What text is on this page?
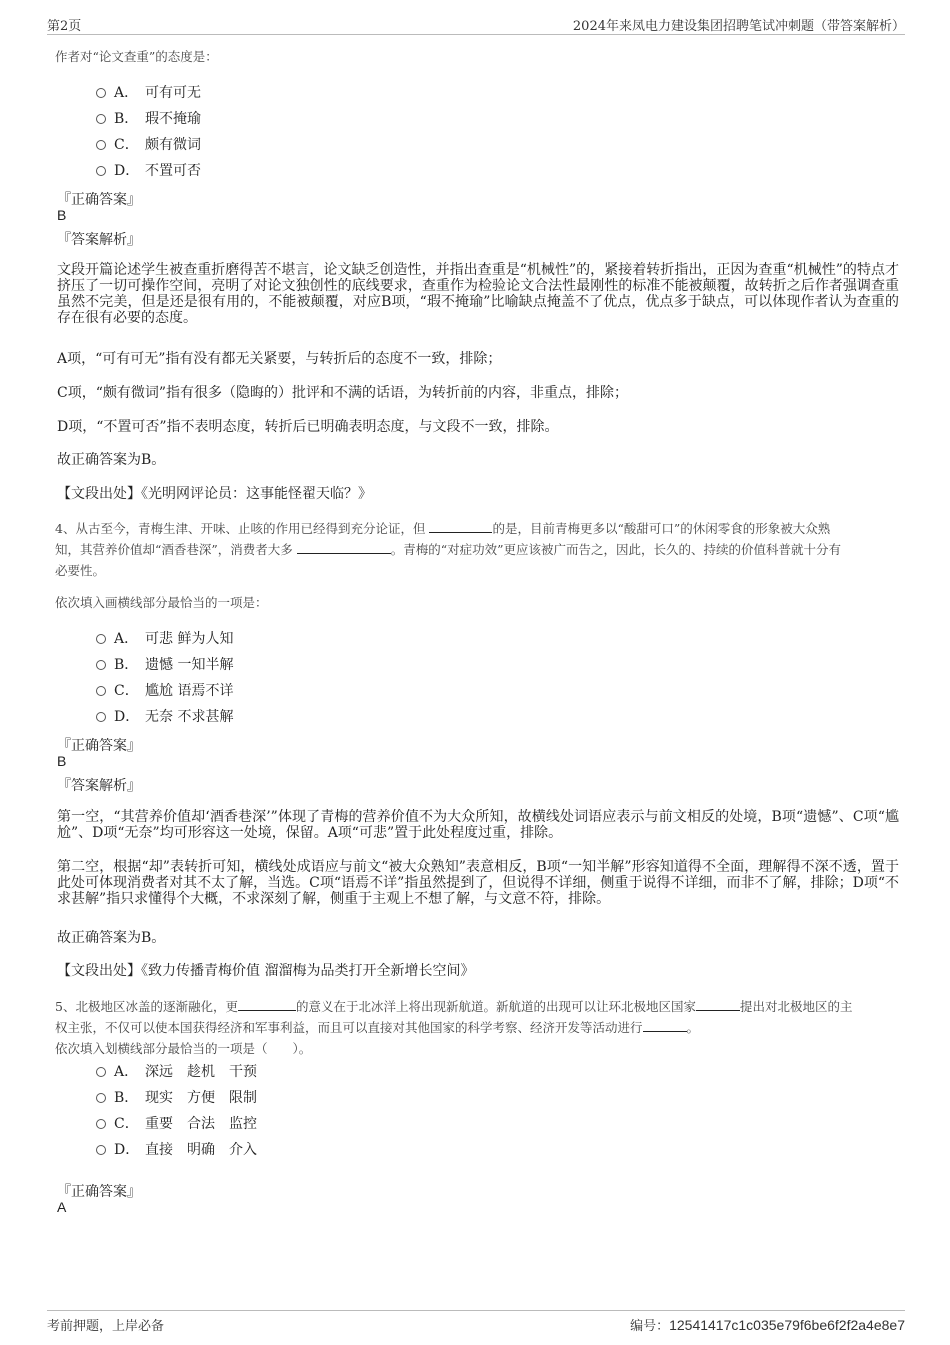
第2页	2024年来凤电力建设集团招聘笔试冲刺题（带答案解析）
作者对“论文查重”的态度是：
A． 可有可无
B． 瑕不掩瑜
C． 颇有微词
D． 不置可否
『正确答案』
B
『答案解析』
文段开篇论述学生被查重折磨得苦不堪言，论文缺乏创造性，并指出查重是“机械性”的，紧接着转折指出，正因为查重“机械性”的特点才挤压了一切可操作空间，亮明了对论文独创性的底线要求，查重作为检验论文合法性最刚性的标准不能被颠覆，故转折之后作者强调查重虽然不完美，但是还是很有用的，不能被颠覆，对应B项，“瑕不掩瑜”比喻缺点掩盖不了优点，优点多于缺点，可以体现作者认为查重的存在很有必要的态度。
A项，“可有可无”指有没有都无关紧要，与转折后的态度不一致，排除；
C项，“颇有微词”指有很多（隐晦的）批评和不满的话语，为转折前的内容，非重点，排除；
D项，“不置可否”指不表明态度，转折后已明确表明态度，与文段不一致，排除。
故正确答案为B。
【文段出处】《光明网评论员：这事能怪翟天临？》
4、从古至今，青梅生津、开味、止咳的作用已经得到充分论证，但	的是，目前青梅更多以“酸甜可口”的休闲零食的形象被大众熟
知，其营养价值却“酒香巷深”，消费者大多	。青梅的“对症功效”更应该被广而告之，因此，长久的、持续的价值科普就十分有
必要性。
依次填入画横线部分最恰当的一项是：
A． 可悲 鲜为人知
B． 遗憾 一知半解
C． 尴尬 语焉不详
D． 无奈 不求甚解
『正确答案』
B
『答案解析』
第一空，“其营养价值却‘酒香巷深’”体现了青梅的营养价值不为大众所知，故横线处词语应表示与前文相反的处境，B项“遗憾”、C项“尴尬”、D项“无奈”均可形容这一处境，保留。A项“可悲”置于此处程度过重，排除。
第二空，根据“却”表转折可知，横线处成语应与前文“被大众熟知”表意相反，B项“一知半解”形容知道得不全面，理解得不深不透，置于此处可体现消费者对其不太了解，当选。C项“语焉不详”指虽然提到了，但说得不详细，侧重于说得不详细，而非不了解，排除；D项“不求甚解”指只求懂得个大概，不求深刻了解，侧重于主观上不想了解，与文意不符，排除。
故正确答案为B。
【文段出处】《致力传播青梅价值 溜溜梅为品类打开全新增长空间》
5、北极地区冰盖的逐渐融化，更	的意义在于北冰洋上将出现新航道。新航道的出现可以让环北极地区国家	提出对北极地区的主
权主张，不仅可以使本国获得经济和军事利益，而且可以直接对其他国家的科学考察、经济开发等活动进行	。
依次填入划横线部分最恰当的一项是（　　）。
A． 深远　趁机　干预
B． 现实　方便　限制
C． 重要　合法　监控
D． 直接　明确　介入
『正确答案』
A
考前押题，上岸必备	编号：12541417c1c035e79f6be6f2f2a4e8e7
